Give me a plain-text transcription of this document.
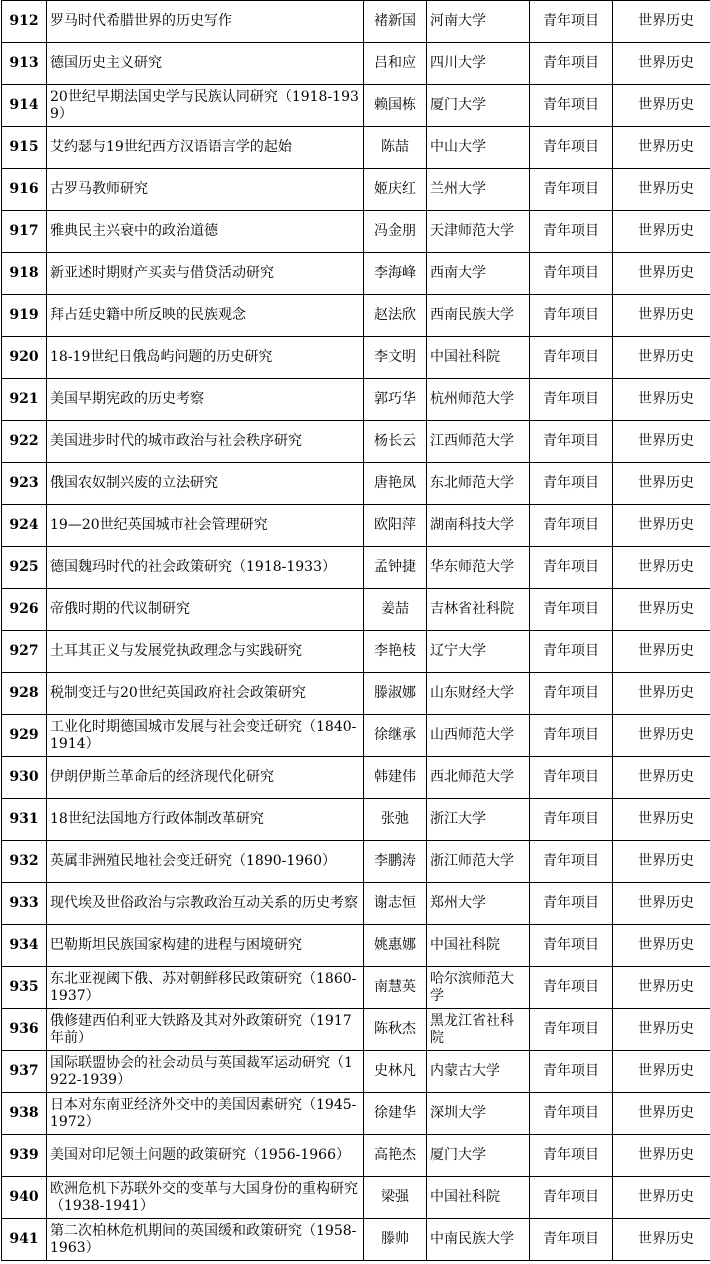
912	罗马时代希腊世界的历史写作	褚新国	河南大学	青年项目	世界历史
913	德国历史主义研究	吕和应	四川大学	青年项目	世界历史
914	20世纪早期法国史学与民族认同研究（1918-1939）	赖国栋	厦门大学	青年项目	世界历史
915	艾约瑟与19世纪西方汉语语言学的起始	陈喆	中山大学	青年项目	世界历史
916	古罗马教师研究	姬庆红	兰州大学	青年项目	世界历史
917	雅典民主兴衰中的政治道德	冯金朋	天津师范大学	青年项目	世界历史
918	新亚述时期财产买卖与借贷活动研究	李海峰	西南大学	青年项目	世界历史
919	拜占廷史籍中所反映的民族观念	赵法欣	西南民族大学	青年项目	世界历史
920	18-19世纪日俄岛屿问题的历史研究	李文明	中国社科院	青年项目	世界历史
921	美国早期宪政的历史考察	郭巧华	杭州师范大学	青年项目	世界历史
922	美国进步时代的城市政治与社会秩序研究	杨长云	江西师范大学	青年项目	世界历史
923	俄国农奴制兴废的立法研究	唐艳凤	东北师范大学	青年项目	世界历史
924	19—20世纪英国城市社会管理研究	欧阳萍	湖南科技大学	青年项目	世界历史
925	德国魏玛时代的社会政策研究（1918-1933）	孟钟捷	华东师范大学	青年项目	世界历史
926	帝俄时期的代议制研究	姜喆	吉林省社科院	青年项目	世界历史
927	土耳其正义与发展党执政理念与实践研究	李艳枝	辽宁大学	青年项目	世界历史
928	税制变迁与20世纪英国政府社会政策研究	滕淑娜	山东财经大学	青年项目	世界历史
929	工业化时期德国城市发展与社会变迁研究（1840-1914）	徐继承	山西师范大学	青年项目	世界历史
930	伊朗伊斯兰革命后的经济现代化研究	韩建伟	西北师范大学	青年项目	世界历史
931	18世纪法国地方行政体制改革研究	张弛	浙江大学	青年项目	世界历史
932	英属非洲殖民地社会变迁研究（1890-1960）	李鹏涛	浙江师范大学	青年项目	世界历史
933	现代埃及世俗政治与宗教政治互动关系的历史考察	谢志恒	郑州大学	青年项目	世界历史
934	巴勒斯坦民族国家构建的进程与困境研究	姚惠娜	中国社科院	青年项目	世界历史
935	东北亚视阈下俄、苏对朝鲜移民政策研究（1860-1937）	南慧英	哈尔滨师范大学	青年项目	世界历史
936	俄修建西伯利亚大铁路及其对外政策研究（1917年前）	陈秋杰	黑龙江省社科院	青年项目	世界历史
937	国际联盟协会的社会动员与英国裁军运动研究（1922-1939）	史林凡	内蒙古大学	青年项目	世界历史
938	日本对东南亚经济外交中的美国因素研究（1945-1972）	徐建华	深圳大学	青年项目	世界历史
939	美国对印尼领土问题的政策研究（1956-1966）	高艳杰	厦门大学	青年项目	世界历史
940	欧洲危机下苏联外交的变革与大国身份的重构研究（1938-1941）	梁强	中国社科院	青年项目	世界历史
941	第二次柏林危机期间的英国缓和政策研究（1958-1963）	滕帅	中南民族大学	青年项目	世界历史
